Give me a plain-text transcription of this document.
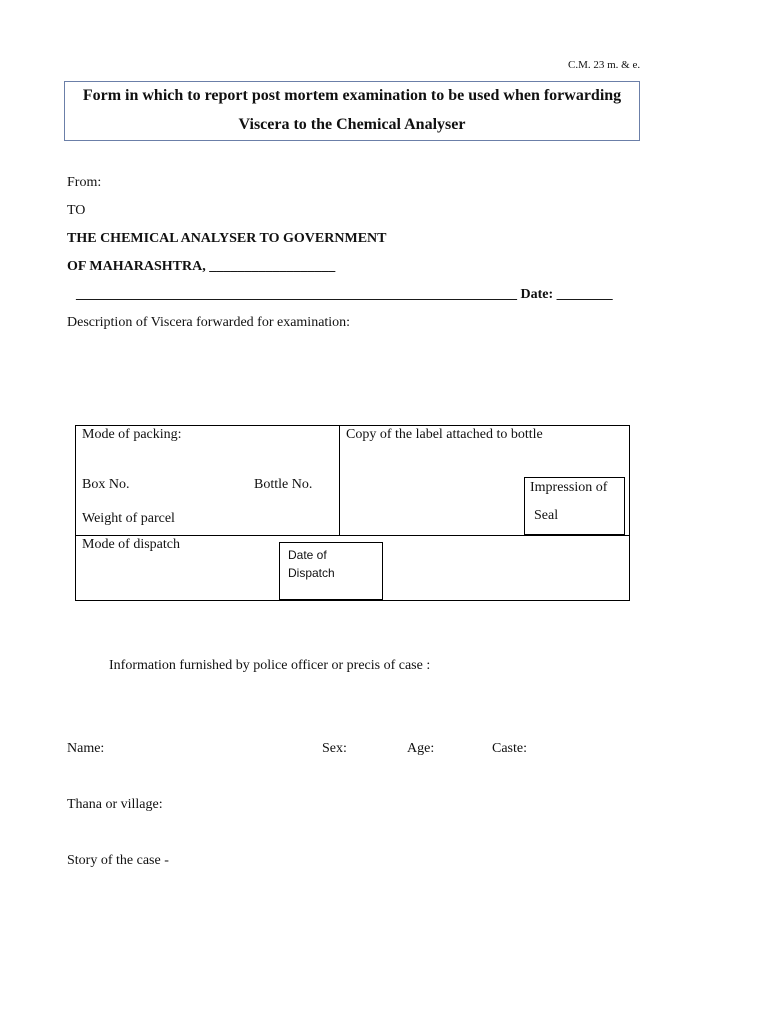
C.M. 23 m. & e.
Form in which to report post mortem examination to be used when forwarding
Viscera to the Chemical Analyser
From:
TO
THE CHEMICAL ANALYSER TO GOVERNMENT
OF MAHARASHTRA, __________________
_______________________________________________________________ Date: ________
Description of Viscera forwarded for examination:
Mode of packing:	Copy of the label attached to bottle
Box No.	Bottle No.
Weight of parcel
Mode of dispatch
Impression of
Seal
Date of
Dispatch
Information furnished by police officer or precis of case :
Name:	Sex:	Age:	Caste:
Thana or village:
Story of the case -
